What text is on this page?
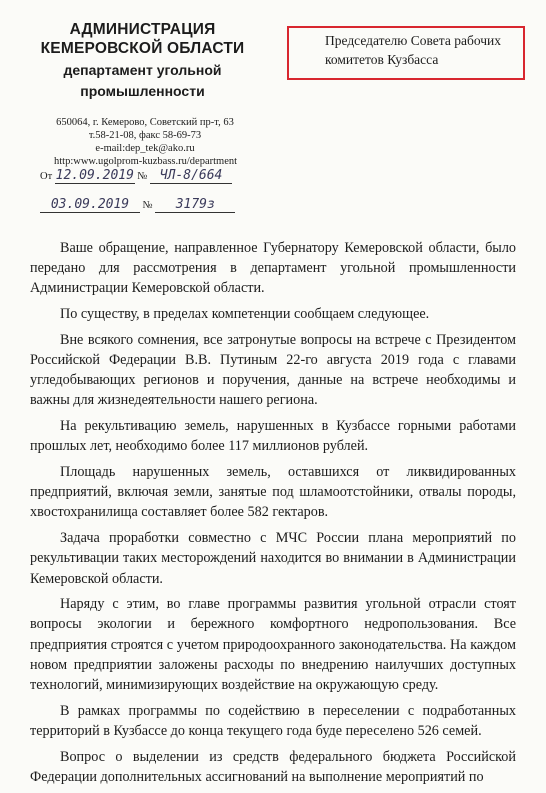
АДМИНИСТРАЦИЯ
КЕМЕРОВСКОЙ ОБЛАСТИ
департамент угольной
промышленности
650064, г. Кемерово, Советский пр-т, 63
т.58-21-08, факс 58-69-73
e-mail:dep_tek@ako.ru
http:www.ugolprom-kuzbass.ru/department
От 12.09.2019 № ЧЛ-8/664
03.09.2019 № 3179з
Председателю Совета рабочих
комитетов Кузбасса

Ваше обращение, направленное Губернатору Кемеровской области, было передано для рассмотрения в департамент угольной промышленности Администрации Кемеровской области.

По существу, в пределах компетенции сообщаем следующее.

Вне всякого сомнения, все затронутые вопросы на встрече с Президентом Российской Федерации В.В. Путиным 22-го августа 2019 года с главами угледобывающих регионов и поручения, данные на встрече необходимы и важны для жизнедеятельности нашего региона.

На рекультивацию земель, нарушенных в Кузбассе горными работами прошлых лет, необходимо более 117 миллионов рублей.

Площадь нарушенных земель, оставшихся от ликвидированных предприятий, включая земли, занятые под шламоотстойники, отвалы породы, хвостохранилища составляет более 582 гектаров.

Задача проработки совместно с МЧС России плана мероприятий по рекультивации таких месторождений находится во внимании в Администрации Кемеровской области.

Наряду с этим, во главе программы развития угольной отрасли стоят вопросы экологии и бережного комфортного недропользования. Все предприятия строятся с учетом природоохранного законодательства. На каждом новом предприятии заложены расходы по внедрению наилучших доступных технологий, минимизирующих воздействие на окружающую среду.

В рамках программы по содействию в переселении с подработанных территорий в Кузбассе до конца текущего года буде переселено 526 семей.

Вопрос о выделении из средств федерального бюджета Российской Федерации дополнительных ассигнований на выполнение мероприятий по
